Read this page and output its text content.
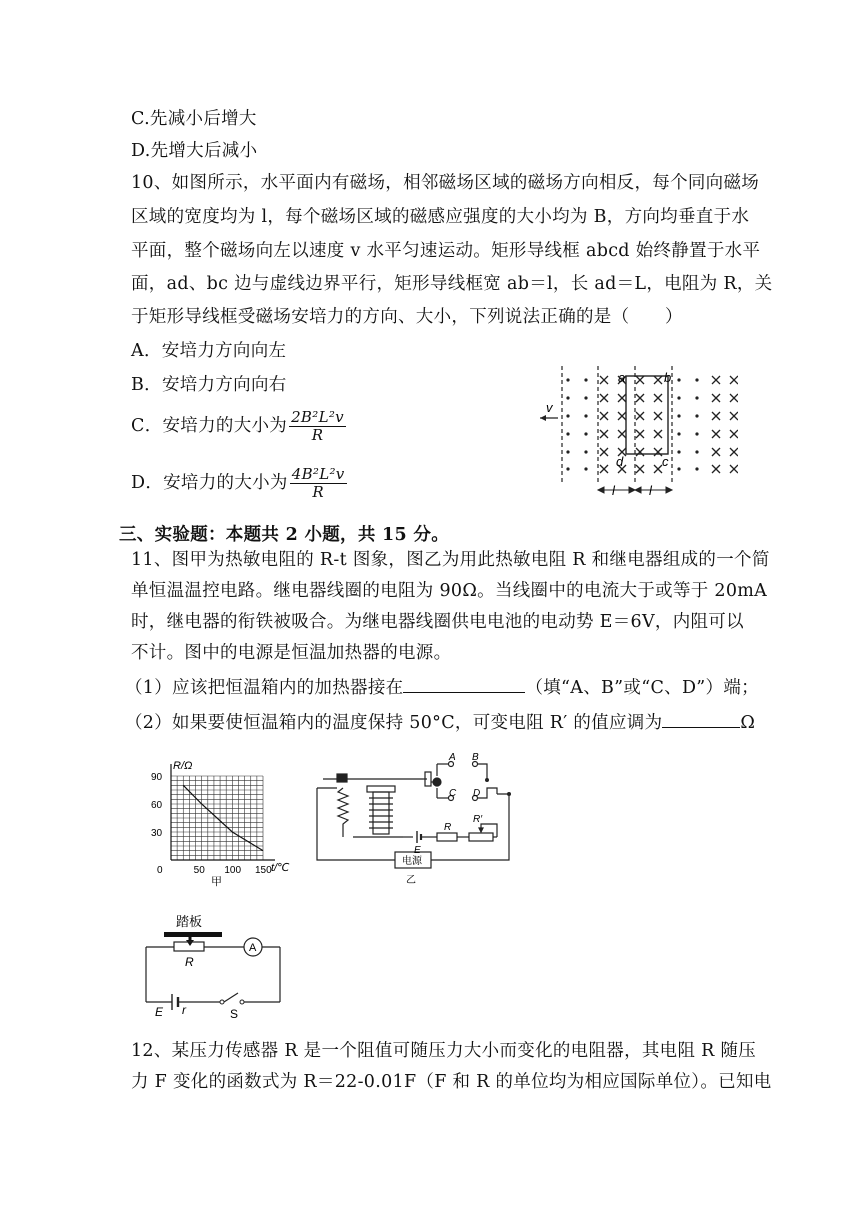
C.先减小后增大
D.先增大后减小
10、如图所示，水平面内有磁场，相邻磁场区域的磁场方向相反，每个同向磁场
区域的宽度均为 l，每个磁场区域的磁感应强度的大小均为 B，方向均垂直于水
平面，整个磁场向左以速度 v 水平匀速运动。矩形导线框 abcd 始终静置于水平
面，ad、bc 边与虚线边界平行，矩形导线框宽 ab＝l，长 ad＝L，电阻为 R，关
于矩形导线框受磁场安培力的方向、大小，下列说法正确的是（　　）
A．安培力方向向左
B．安培力方向向右
C．安培力的大小为 $\frac{\text{2B²L²v}}{R}$
D．安培力的大小为 $\frac{\text{4B²L²v}}{R}$
v
a	b
d	c
l	l
三、实验题：本题共 2 小题，共 15 分。
11、图甲为热敏电阻的 R-t 图象，图乙为用此热敏电阻 R 和继电器组成的一个简
单恒温温控电路。继电器线圈的电阻为 90Ω。当线圈中的电流大于或等于 20mA
时，继电器的衔铁被吸合。为继电器线圈供电电池的电动势 E＝6V，内阻可以
不计。图中的电源是恒温加热器的电源。
（1）应该把恒温箱内的加热器接在	（填“A、B”或“C、D”）端；
（2）如果要使恒温箱内的温度保持 50°C，可变电阻 R′ 的值应调为	Ω
90
60
30
0	50 100 150
R/Ω
t/℃
甲
A B
C D
R
R′
E
电源
乙
踏板
A
R
E r	S
12、某压力传感器 R 是一个阻值可随压力大小而变化的电阻器，其电阻 R 随压
力 F 变化的函数式为 R＝22-0.01F（F 和 R 的单位均为相应国际单位）。已知电
